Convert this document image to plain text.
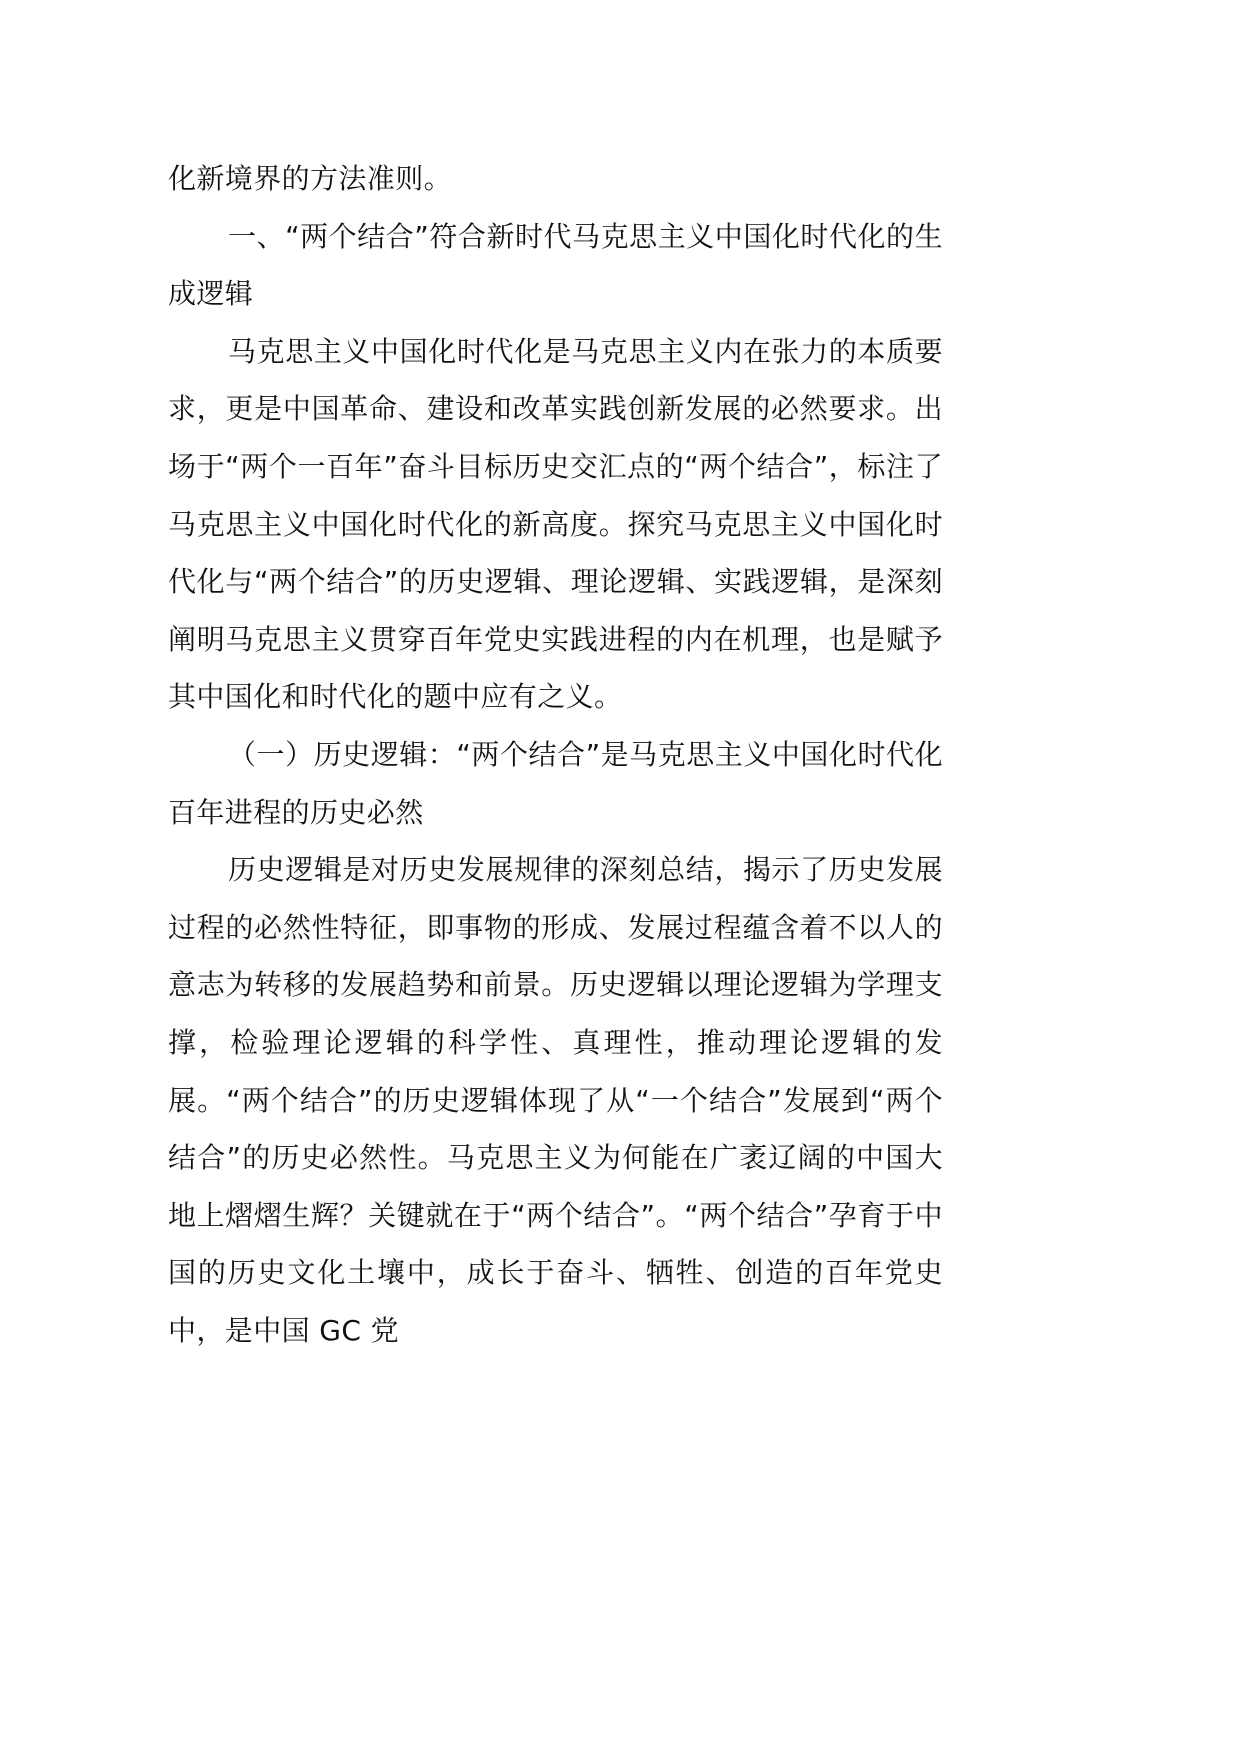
化新境界的方法准则。

一、“两个结合”符合新时代马克思主义中国化时代化的生成逻辑

马克思主义中国化时代化是马克思主义内在张力的本质要求，更是中国革命、建设和改革实践创新发展的必然要求。出场于“两个一百年”奋斗目标历史交汇点的“两个结合”，标注了马克思主义中国化时代化的新高度。探究马克思主义中国化时代化与“两个结合”的历史逻辑、理论逻辑、实践逻辑，是深刻阐明马克思主义贯穿百年党史实践进程的内在机理，也是赋予其中国化和时代化的题中应有之义。

（一）历史逻辑：“两个结合”是马克思主义中国化时代化百年进程的历史必然

历史逻辑是对历史发展规律的深刻总结，揭示了历史发展过程的必然性特征，即事物的形成、发展过程蕴含着不以人的意志为转移的发展趋势和前景。历史逻辑以理论逻辑为学理支撑，检验理论逻辑的科学性、真理性，推动理论逻辑的发展。“两个结合”的历史逻辑体现了从“一个结合”发展到“两个结合”的历史必然性。马克思主义为何能在广袤辽阔的中国大地上熠熠生辉？关键就在于“两个结合”。“两个结合”孕育于中国的历史文化土壤中，成长于奋斗、牺牲、创造的百年党史中，是中国 GC 党
